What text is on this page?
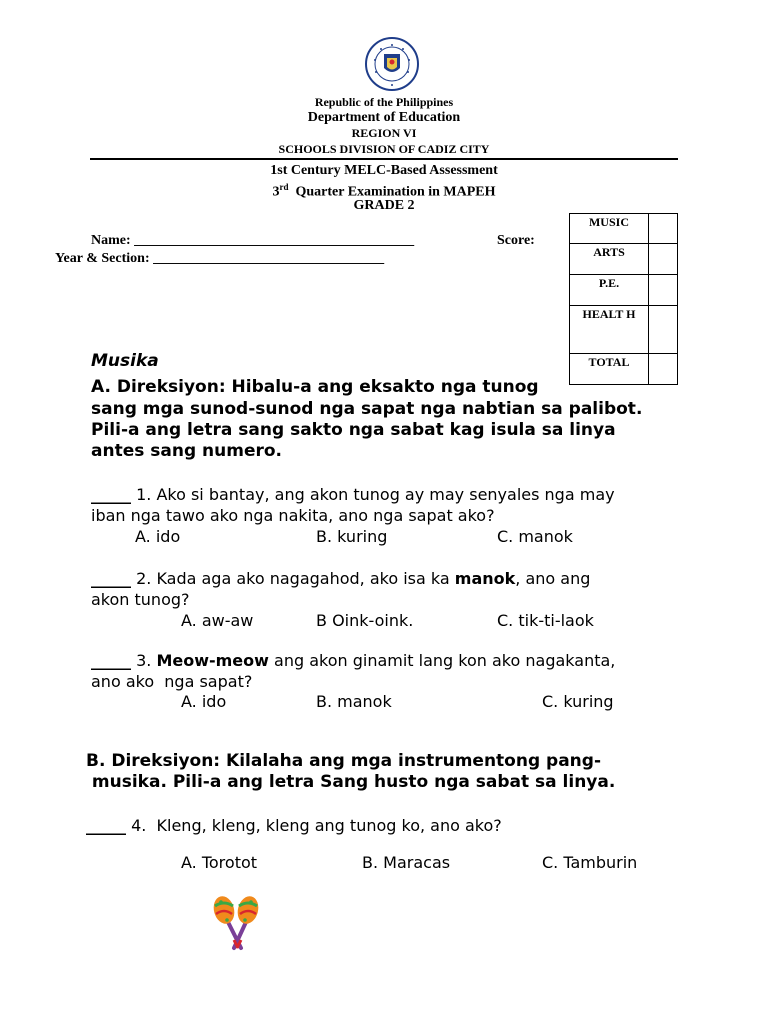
Republic of the Philippines
Department of Education
REGION VI
SCHOOLS DIVISION OF CADIZ CITY
1st Century MELC-Based Assessment
3rd  Quarter Examination in MAPEH
GRADE 2
Name: ________________________________________	Score:
Year & Section: _________________________________
MUSIC	
ARTS	
P.E.	
HEALT H	
TOTAL	
Musika
A. Direksiyon: Hibalu-a ang eksakto nga tunog
sang mga sunod-sunod nga sapat nga nabtian sa palibot.
Pili-a ang letra sang sakto nga sabat kag isula sa linya
antes sang numero.
_____ 1. Ako si bantay, ang akon tunog ay may senyales nga may
iban nga tawo ako nga nakita, ano nga sapat ako?
A. ido	B. kuring	C. manok
_____ 2. Kada aga ako nagagahod, ako isa ka manok, ano ang
akon tunog?
A. aw-aw	B Oink-oink.	C. tik-ti-laok
_____ 3. Meow-meow ang akon ginamit lang kon ako nagakanta,
ano ako  nga sapat?
A. ido	B. manok	C. kuring
B. Direksiyon: Kilalaha ang mga instrumentong pang-
musika. Pili-a ang letra Sang husto nga sabat sa linya.
_____ 4.  Kleng, kleng, kleng ang tunog ko, ano ako?
A. Torotot	B. Maracas	C. Tamburin
